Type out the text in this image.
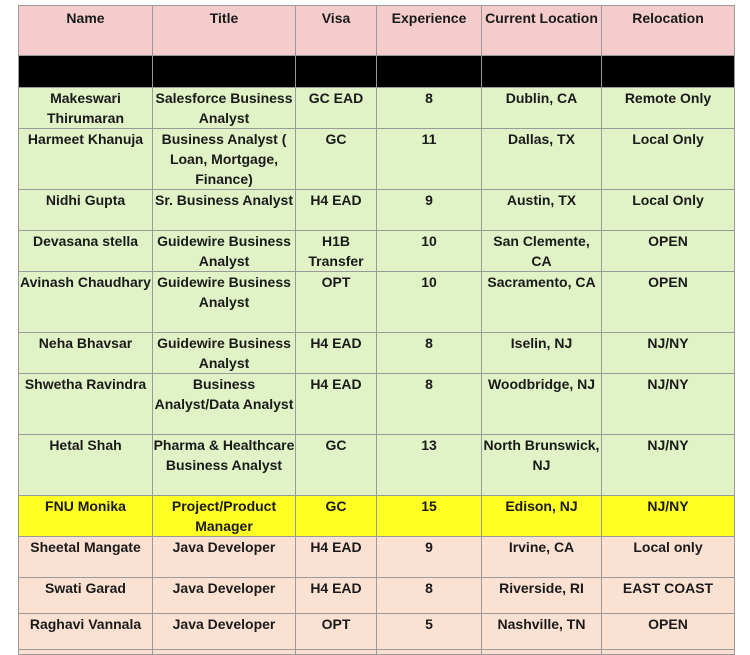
Name	Title	Visa	Experience	Current Location	Relocation

Makeswari Thirumaran	Salesforce Business Analyst	GC EAD	8	Dublin, CA	Remote Only
Harmeet Khanuja	Business Analyst ( Loan, Mortgage, Finance)	GC	11	Dallas, TX	Local Only
Nidhi Gupta	Sr. Business Analyst	H4 EAD	9	Austin, TX	Local Only
Devasana stella	Guidewire Business Analyst	H1B Transfer	10	San Clemente, CA	OPEN
Avinash Chaudhary	Guidewire Business Analyst	OPT	10	Sacramento, CA	OPEN
Neha Bhavsar	Guidewire Business Analyst	H4 EAD	8	Iselin, NJ	NJ/NY
Shwetha Ravindra	Business Analyst/Data Analyst	H4 EAD	8	Woodbridge, NJ	NJ/NY
Hetal Shah	Pharma & Healthcare Business Analyst	GC	13	North Brunswick, NJ	NJ/NY
FNU Monika	Project/Product Manager	GC	15	Edison, NJ	NJ/NY
Sheetal Mangate	Java Developer	H4 EAD	9	Irvine, CA	Local only
Swati Garad	Java Developer	H4 EAD	8	Riverside, RI	EAST COAST
Raghavi Vannala	Java Developer	OPT	5	Nashville, TN	OPEN
